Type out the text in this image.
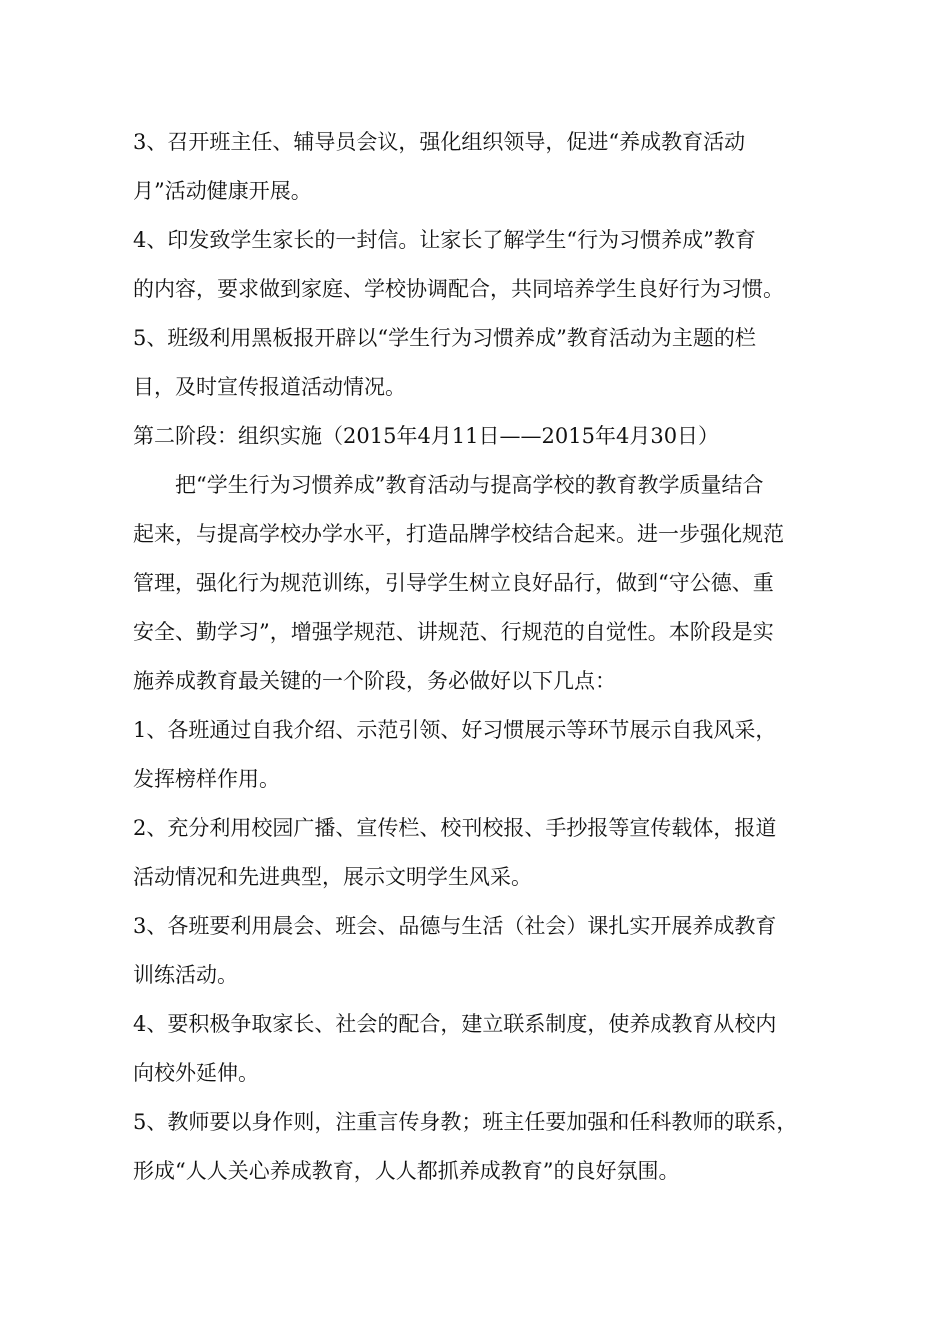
3、召开班主任、辅导员会议，强化组织领导，促进“养成教育活动
月”活动健康开展。
4、印发致学生家长的一封信。让家长了解学生“行为习惯养成”教育
的内容，要求做到家庭、学校协调配合，共同培养学生良好行为习惯。
5、班级利用黑板报开辟以“学生行为习惯养成”教育活动为主题的栏
目，及时宣传报道活动情况。
第二阶段：组织实施（2015年4月11日——2015年4月30日）
把“学生行为习惯养成”教育活动与提高学校的教育教学质量结合
起来，与提高学校办学水平，打造品牌学校结合起来。进一步强化规范
管理，强化行为规范训练，引导学生树立良好品行，做到“守公德、重
安全、勤学习”，增强学规范、讲规范、行规范的自觉性。本阶段是实
施养成教育最关键的一个阶段，务必做好以下几点：
1、各班通过自我介绍、示范引领、好习惯展示等环节展示自我风采，
发挥榜样作用。
2、充分利用校园广播、宣传栏、校刊校报、手抄报等宣传载体，报道
活动情况和先进典型，展示文明学生风采。
3、各班要利用晨会、班会、品德与生活（社会）课扎实开展养成教育
训练活动。
4、要积极争取家长、社会的配合，建立联系制度，使养成教育从校内
向校外延伸。
5、教师要以身作则，注重言传身教；班主任要加强和任科教师的联系，
形成“人人关心养成教育，人人都抓养成教育”的良好氛围。
